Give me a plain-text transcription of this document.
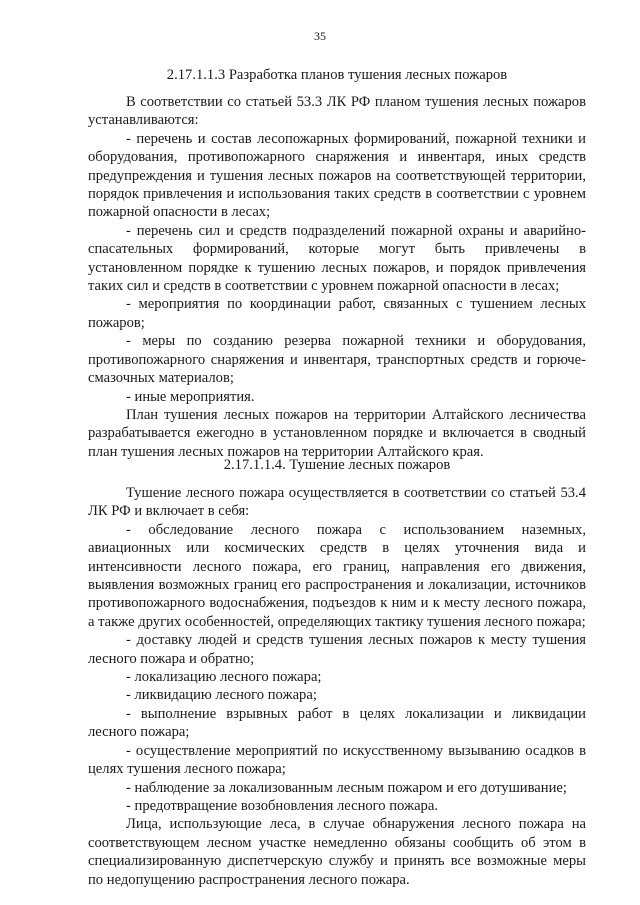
35

2.17.1.1.3 Разработка планов тушения лесных пожаров

В соответствии со статьей 53.3 ЛК РФ планом тушения лесных пожаров устанавливаются:

- перечень и состав лесопожарных формирований, пожарной техники и оборудования, противопожарного снаряжения и инвентаря, иных средств предупреждения и тушения лесных пожаров на соответствующей территории, порядок привлечения и использования таких средств в соответствии с уровнем пожарной опасности в лесах;

- перечень сил и средств подразделений пожарной охраны и аварийно-спасательных формирований, которые могут быть привлечены в установленном порядке к тушению лесных пожаров, и порядок привлечения таких сил и средств в соответствии с уровнем пожарной опасности в лесах;

- мероприятия по координации работ, связанных с тушением лесных пожаров;

- меры по созданию резерва пожарной техники и оборудования, противопожарного снаряжения и инвентаря, транспортных средств и горюче-смазочных материалов;

- иные мероприятия.

План тушения лесных пожаров на территории Алтайского лесничества разрабатывается ежегодно в установленном порядке и включается в сводный план тушения лесных пожаров на территории Алтайского края.

2.17.1.1.4. Тушение лесных пожаров

Тушение лесного пожара осуществляется в соответствии со статьей 53.4 ЛК РФ и включает в себя:

- обследование лесного пожара с использованием наземных, авиационных или космических средств в целях уточнения вида и интенсивности лесного пожара, его границ, направления его движения, выявления возможных границ его распространения и локализации, источников противопожарного водоснабжения, подъездов к ним и к месту лесного пожара, а также других особенностей, определяющих тактику тушения лесного пожара;

- доставку людей и средств тушения лесных пожаров к месту тушения лесного пожара и обратно;

- локализацию лесного пожара;

- ликвидацию лесного пожара;

- выполнение взрывных работ в целях локализации и ликвидации лесного пожара;

- осуществление мероприятий по искусственному вызыванию осадков в целях тушения лесного пожара;

- наблюдение за локализованным лесным пожаром и его дотушивание;

- предотвращение возобновления лесного пожара.

Лица, использующие леса, в случае обнаружения лесного пожара на соответствующем лесном участке немедленно обязаны сообщить об этом в специализированную диспетчерскую службу и принять все возможные меры по недопущению распространения лесного пожара.
